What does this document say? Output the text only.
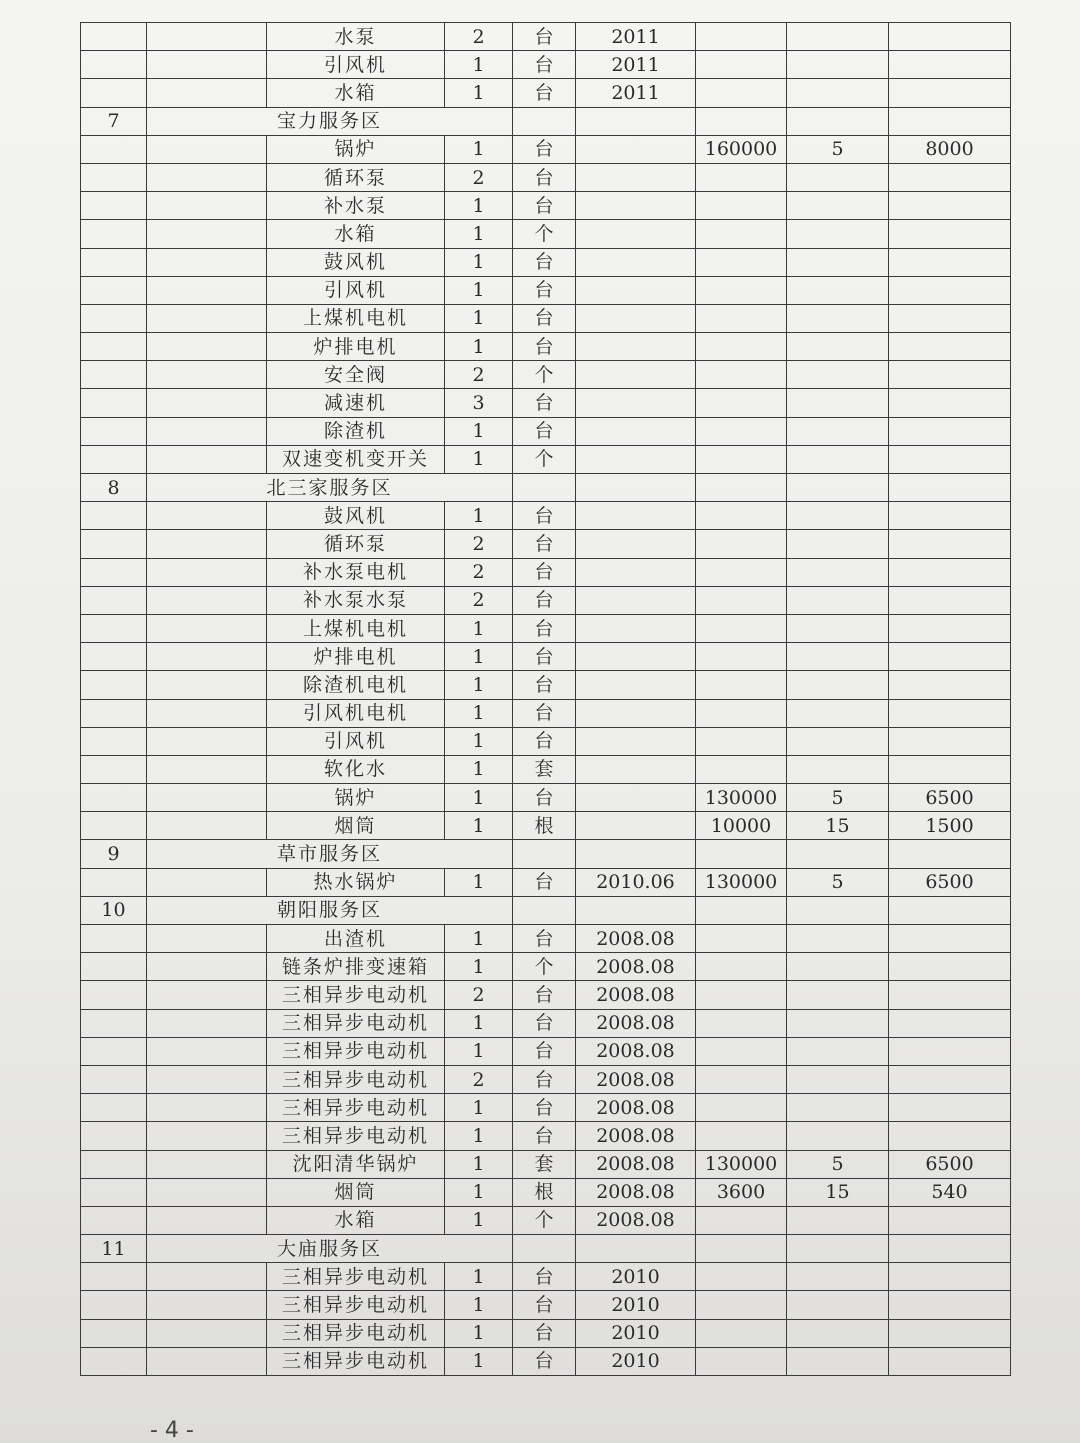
		水泵	2	台	2011			
		引风机	1	台	2011			
		水箱	1	台	2011			
7	宝力服务区							
		锅炉	1	台		160000	5	8000
		循环泵	2	台				
		补水泵	1	台				
		水箱	1	个				
		鼓风机	1	台				
		引风机	1	台				
		上煤机电机	1	台				
		炉排电机	1	台				
		安全阀	2	个				
		减速机	3	台				
		除渣机	1	台				
		双速变机变开关	1	个				
8	北三家服务区							
		鼓风机	1	台				
		循环泵	2	台				
		补水泵电机	2	台				
		补水泵水泵	2	台				
		上煤机电机	1	台				
		炉排电机	1	台				
		除渣机电机	1	台				
		引风机电机	1	台				
		引风机	1	台				
		软化水	1	套				
		锅炉	1	台		130000	5	6500
		烟筒	1	根		10000	15	1500
9	草市服务区							
		热水锅炉	1	台	2010.06	130000	5	6500
10	朝阳服务区							
		出渣机	1	台	2008.08			
		链条炉排变速箱	1	个	2008.08			
		三相异步电动机	2	台	2008.08			
		三相异步电动机	1	台	2008.08			
		三相异步电动机	1	台	2008.08			
		三相异步电动机	2	台	2008.08			
		三相异步电动机	1	台	2008.08			
		三相异步电动机	1	台	2008.08			
		沈阳清华锅炉	1	套	2008.08	130000	5	6500
		烟筒	1	根	2008.08	3600	15	540
		水箱	1	个	2008.08			
11	大庙服务区							
		三相异步电动机	1	台	2010			
		三相异步电动机	1	台	2010			
		三相异步电动机	1	台	2010			
		三相异步电动机	1	台	2010			
- 4 -
